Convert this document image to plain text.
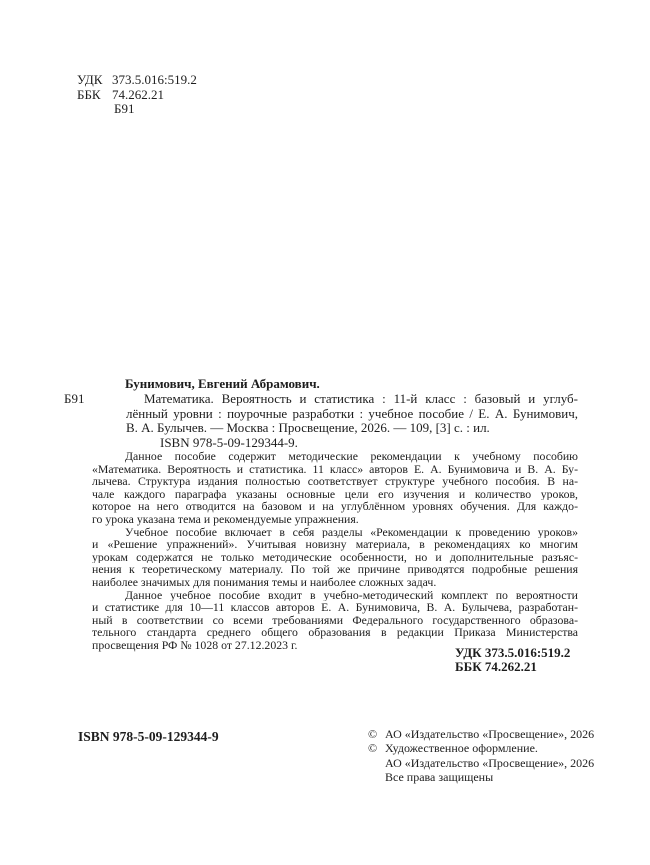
УДК 373.5.016:519.2
ББК 74.262.21
Б91
Бунимович, Евгений Абрамович.
Б91	Математика. Вероятность и статистика : 11-й класс : базовый и углуб-
лённый уровни : поурочные разработки : учебное пособие / Е. А. Бунимович,
В. А. Булычев. — Москва : Просвещение, 2026. — 109, [3] с. : ил.
ISBN 978-5-09-129344-9.
Данное пособие содержит методические рекомендации к учебному пособию
«Математика. Вероятность и статистика. 11 класс» авторов Е. А. Бунимовича и В. А. Бу-
лычева. Структура издания полностью соответствует структуре учебного пособия. В на-
чале каждого параграфа указаны основные цели его изучения и количество уроков,
которое на него отводится на базовом и на углублённом уровнях обучения. Для каждо-
го урока указана тема и рекомендуемые упражнения.
Учебное пособие включает в себя разделы «Рекомендации к проведению уроков»
и «Решение упражнений». Учитывая новизну материала, в рекомендациях ко многим
урокам содержатся не только методические особенности, но и дополнительные разъяс-
нения к теоретическому материалу. По той же причине приводятся подробные решения
наиболее значимых для понимания темы и наиболее сложных задач.
Данное учебное пособие входит в учебно-методический комплект по вероятности
и статистике для 10—11 классов авторов Е. А. Бунимовича, В. А. Булычева, разработан-
ный в соответствии со всеми требованиями Федерального государственного образова-
тельного стандарта среднего общего образования в редакции Приказа Министерства
просвещения РФ № 1028 от 27.12.2023 г.
УДК 373.5.016:519.2
ББК 74.262.21
ISBN 978-5-09-129344-9	© АО «Издательство «Просвещение», 2026
© Художественное оформление.
АО «Издательство «Просвещение», 2026
Все права защищены
